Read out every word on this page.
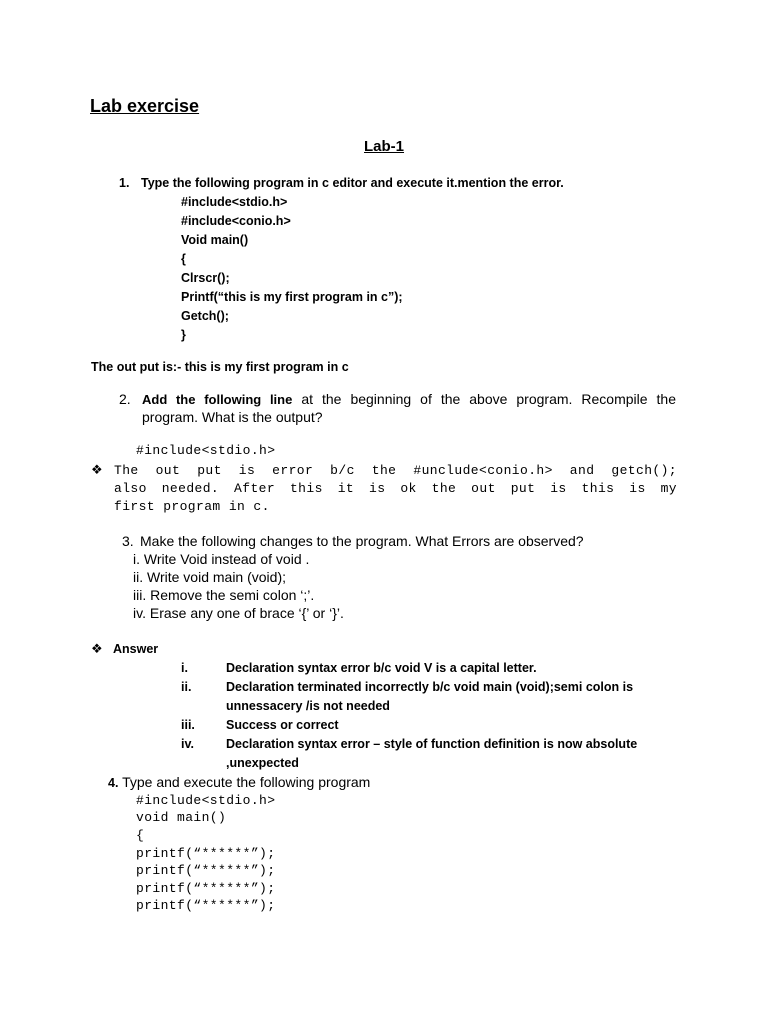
Lab exercise
Lab-1
1. Type the following program in c editor and execute it.mention the error.
#include<stdio.h>
#include<conio.h>
Void main()
{
Clrscr();
Printf(“this is my first program in c”);
Getch();
}
The out put is:- this is my first program in c
2. Add the following line at the beginning of the above program. Recompile the
program. What is the output?
#include<stdio.h>
❖ The out put is error b/c the #unclude<conio.h> and getch();
also needed. After this it is ok the out put is this is my
first program in c.
3. Make the following changes to the program. What Errors are observed?
i. Write Void instead of void .
ii. Write void main (void);
iii. Remove the semi colon ‘;’.
iv. Erase any one of brace ‘{’ or ‘}’.
❖ Answer
i.	Declaration syntax error b/c void V is a capital letter.
ii.	Declaration terminated incorrectly b/c void main (void);semi colon is
unnessacery /is not needed
iii. Success or correct
iv.	Declaration syntax error – style of function definition is now absolute
,unexpected
4. Type and execute the following program
#include<stdio.h>
void main()
{
printf(“******”);
printf(“******”);
printf(“******”);
printf(“******”);
